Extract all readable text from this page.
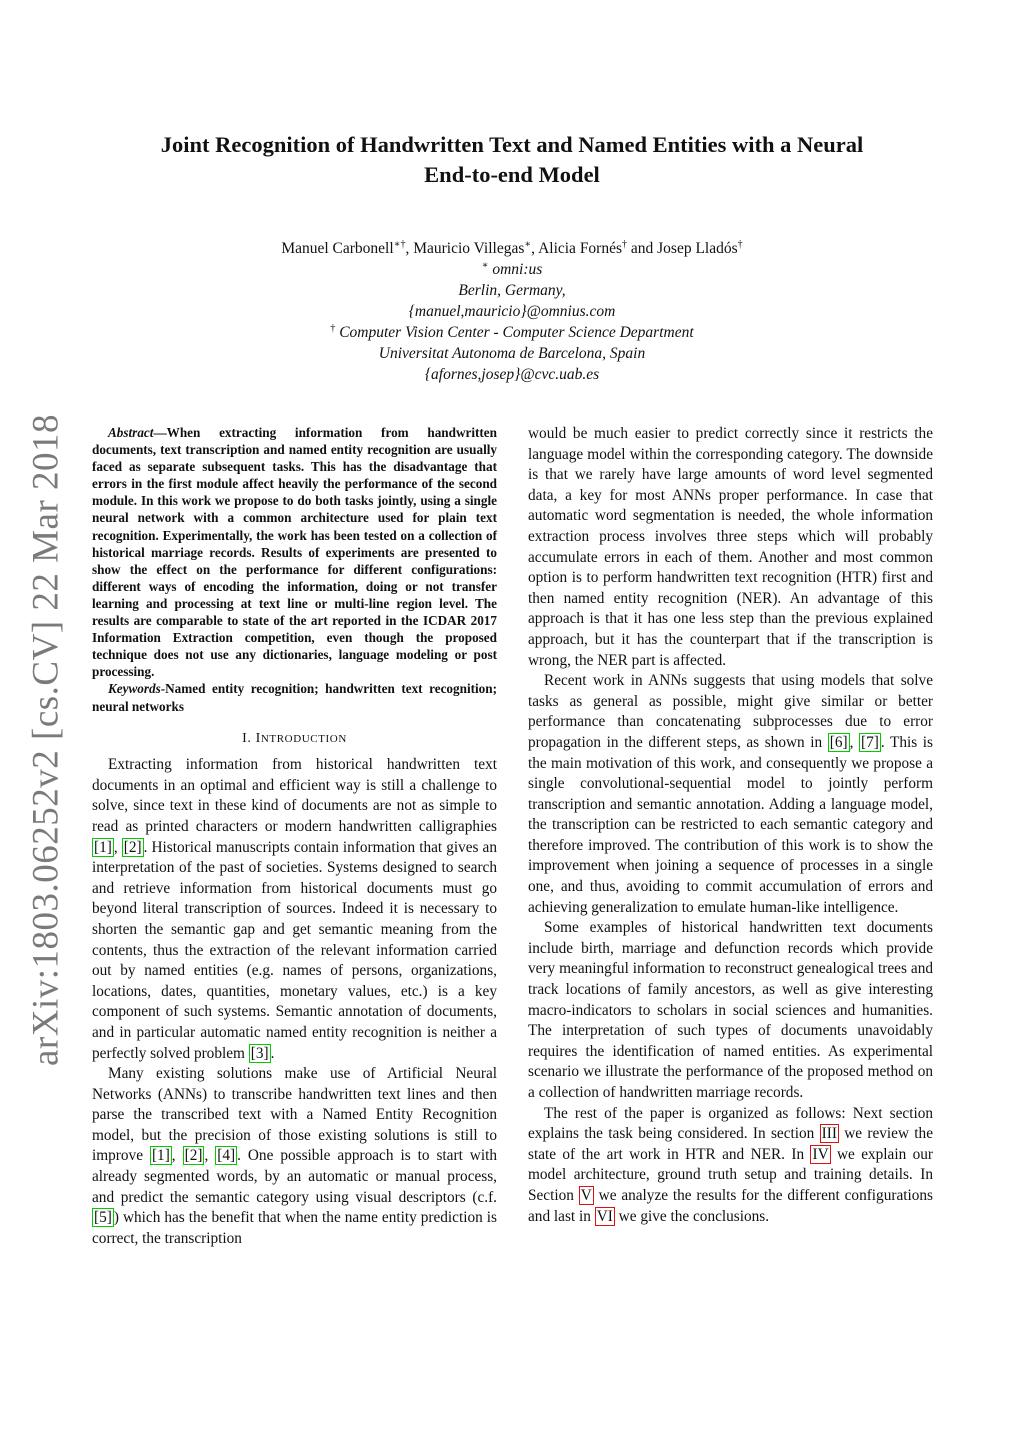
arXiv:1803.06252v2 [cs.CV] 22 Mar 2018
Joint Recognition of Handwritten Text and Named Entities with a Neural
End-to-end Model
Manuel Carbonell∗†, Mauricio Villegas∗, Alicia Fornés† and Josep Lladós†
∗ omni:us
Berlin, Germany,
{manuel,mauricio}@omnius.com
† Computer Vision Center - Computer Science Department
Universitat Autonoma de Barcelona, Spain
{afornes,josep}@cvc.uab.es

Abstract—When extracting information from handwritten documents, text transcription and named entity recognition are usually faced as separate subsequent tasks. This has the disadvantage that errors in the first module affect heavily the performance of the second module. In this work we propose to do both tasks jointly, using a single neural network with a common architecture used for plain text recognition. Experimentally, the work has been tested on a collection of historical marriage records. Results of experiments are presented to show the effect on the performance for different configurations: different ways of encoding the information, doing or not transfer learning and processing at text line or multi-line region level. The results are comparable to state of the art reported in the ICDAR 2017 Information Extraction competition, even though the proposed technique does not use any dictionaries, language modeling or post processing.

Keywords-Named entity recognition; handwritten text recognition; neural networks

I. INTRODUCTION

Extracting information from historical handwritten text documents in an optimal and efficient way is still a challenge to solve, since text in these kind of documents are not as simple to read as printed characters or modern handwritten calligraphies [1] , [2] . Historical manuscripts contain information that gives an interpretation of the past of societies. Systems designed to search and retrieve information from historical documents must go beyond literal transcription of sources. Indeed it is necessary to shorten the semantic gap and get semantic meaning from the contents, thus the extraction of the relevant information carried out by named entities (e.g. names of persons, organizations, locations, dates, quantities, monetary values, etc.) is a key component of such systems. Semantic annotation of documents, and in particular automatic named entity recognition is neither a perfectly solved problem [3] .

Many existing solutions make use of Artificial Neural Networks (ANNs) to transcribe handwritten text lines and then parse the transcribed text with a Named Entity Recognition model, but the precision of those existing solutions is still to improve [1] , [2] , [4] . One possible approach is to start with already segmented words, by an automatic or manual process, and predict the semantic category using visual descriptors (c.f. [5] ) which has the benefit that when the name entity prediction is correct, the transcription

would be much easier to predict correctly since it restricts the language model within the corresponding category. The downside is that we rarely have large amounts of word level segmented data, a key for most ANNs proper performance. In case that automatic word segmentation is needed, the whole information extraction process involves three steps which will probably accumulate errors in each of them. Another and most common option is to perform handwritten text recognition (HTR) first and then named entity recognition (NER). An advantage of this approach is that it has one less step than the previous explained approach, but it has the counterpart that if the transcription is wrong, the NER part is affected.

Recent work in ANNs suggests that using models that solve tasks as general as possible, might give similar or better performance than concatenating subprocesses due to error propagation in the different steps, as shown in [6] , [7] . This is the main motivation of this work, and consequently we propose a single convolutional-sequential model to jointly perform transcription and semantic annotation. Adding a language model, the transcription can be restricted to each semantic category and therefore improved. The contribution of this work is to show the improvement when joining a sequence of processes in a single one, and thus, avoiding to commit accumulation of errors and achieving generalization to emulate human-like intelligence.

Some examples of historical handwritten text documents include birth, marriage and defunction records which provide very meaningful information to reconstruct genealogical trees and track locations of family ancestors, as well as give interesting macro-indicators to scholars in social sciences and humanities. The interpretation of such types of documents unavoidably requires the identification of named entities. As experimental scenario we illustrate the performance of the proposed method on a collection of handwritten marriage records.

The rest of the paper is organized as follows: Next section explains the task being considered. In section III we review the state of the art work in HTR and NER. In IV we explain our model architecture, ground truth setup and training details. In Section V we analyze the results for the different configurations and last in VI we give the conclusions.
